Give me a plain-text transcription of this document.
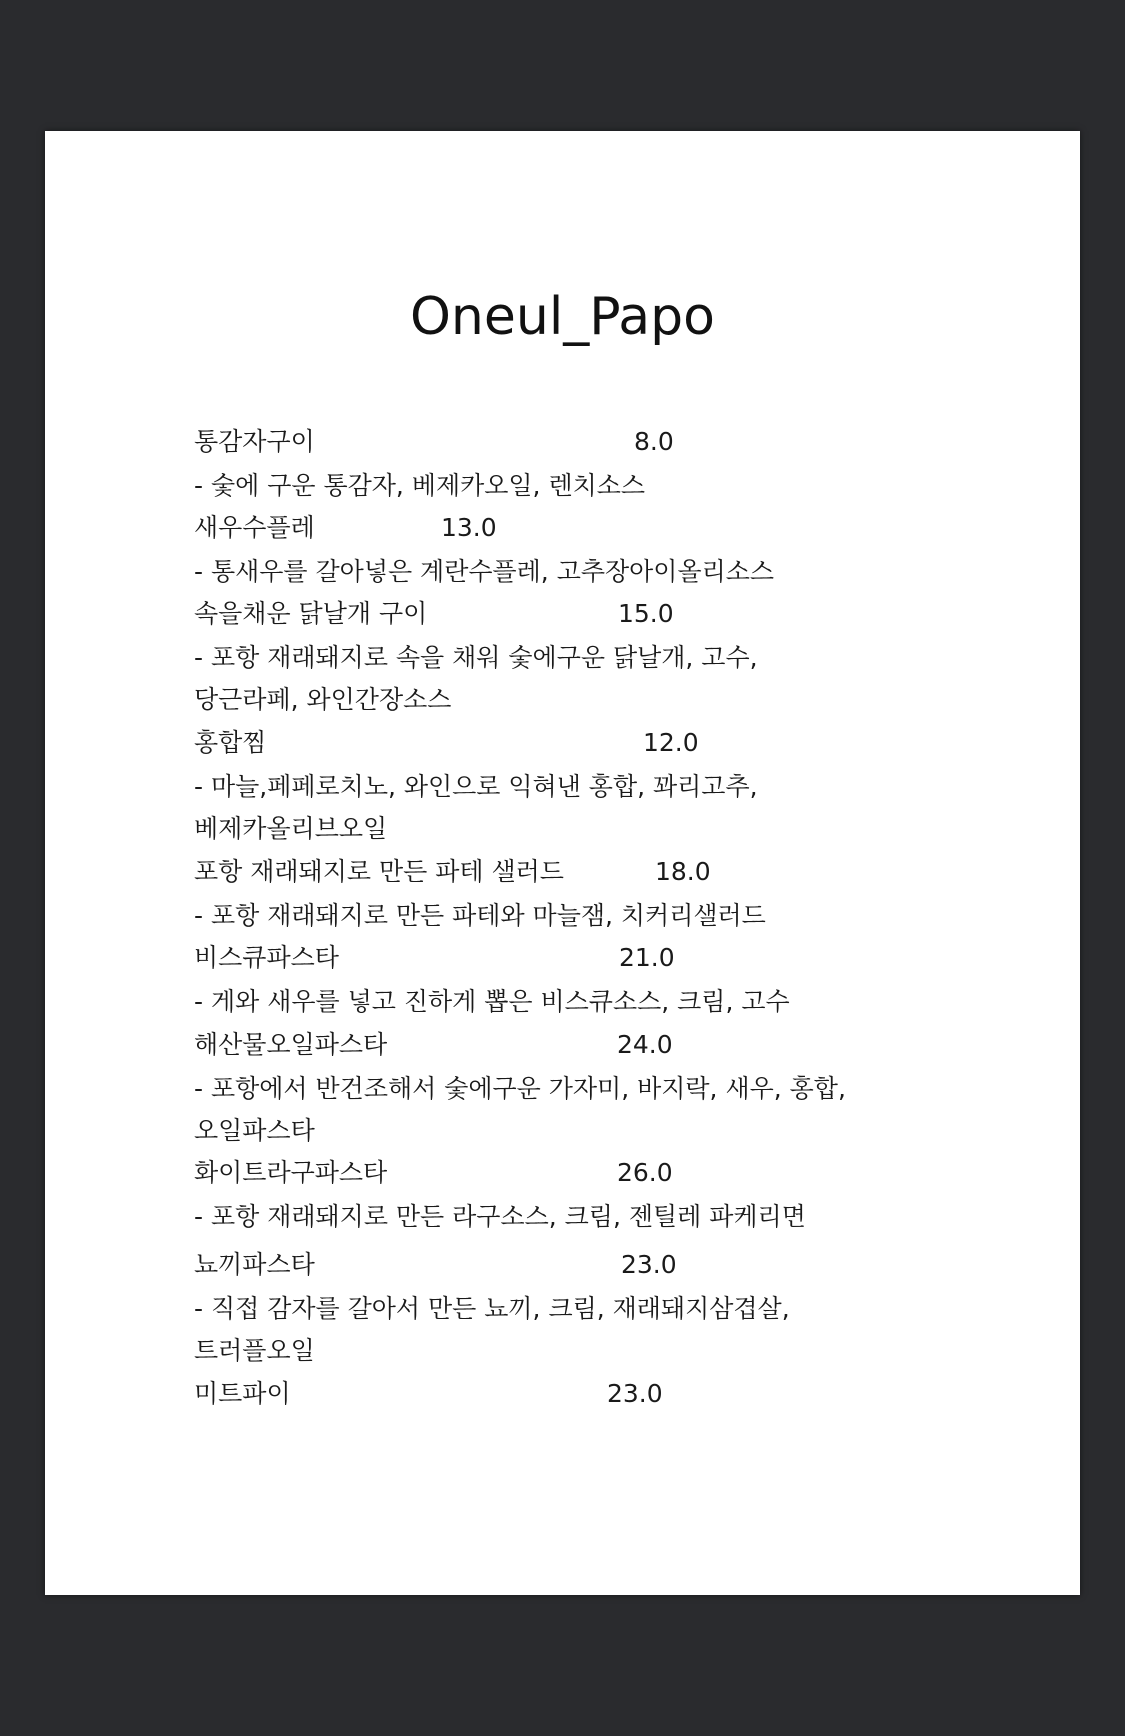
Oneul_Papo
통감자구이	8.0
- 숯에 구운 통감자, 베제카오일, 렌치소스
새우수플레	13.0
- 통새우를 갈아넣은 계란수플레, 고추장아이올리소스
속을채운 닭날개 구이	15.0
- 포항 재래돼지로 속을 채워 숯에구운 닭날개, 고수,
당근라페, 와인간장소스
홍합찜	12.0
- 마늘,페페로치노, 와인으로 익혀낸 홍합, 꽈리고추,
베제카올리브오일
포항 재래돼지로 만든 파테 샐러드	18.0
- 포항 재래돼지로 만든 파테와 마늘잼, 치커리샐러드
비스큐파스타	21.0
- 게와 새우를 넣고 진하게 뽑은 비스큐소스, 크림, 고수
해산물오일파스타	24.0
- 포항에서 반건조해서 숯에구운 가자미, 바지락, 새우, 홍합,
오일파스타
화이트라구파스타	26.0
- 포항 재래돼지로 만든 라구소스, 크림, 젠틸레 파케리면
뇨끼파스타	23.0
- 직접 감자를 갈아서 만든 뇨끼, 크림, 재래돼지삼겹살,
트러플오일
미트파이	23.0
